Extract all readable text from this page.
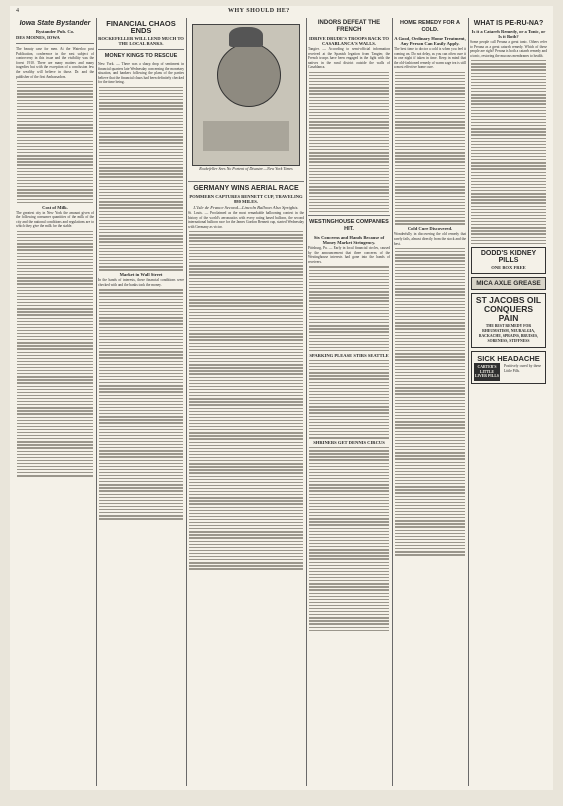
4	WHY SHOULD HE?
Iowa State Bystander
Bystander Pub. Co.
DES MOINES, IOWA
The beauty case for men. At the Waterloo post Publication, conference in the east subject of controversy in this issue and the visibility was the forest 1910. There are many matters and many tragedies but with the exception of a conclusion few the wealthy will believe in those. Dr. and the publisher of the first Ambassadors.
Cost of Milk.
The greatest city in New York the amount given of the following consumer quantities of the milk of the city and the national conditions and regulations are to which they give the milk for the stable.
FINANCIAL CHAOS ENDS
ROCKEFELLER WILL LEND MUCH TO THE LOCAL BANKS.
MONEY KINGS TO RESCUE
New York. — There was a sharp drop of sentiment in financial quarters late Wednesday concerning the monetary situation, and bankers following the plans of the parties believe that the financial chaos had been definitely checked for the time being.
Market in Wall Street
In the hands of interests, these financial conditions were checked with and the banks took the money.
Rockefeller Sees No Portent of Disaster.—New York Times
GERMANY WINS AERIAL RACE
POMMERN CAPTURES BENNETT CUP, TRAVELING 880 MILES.
L'Isle de France Second—Lincoln Balloon Also Sprights.
St. Louis. — Proclaimed as the most remarkable ballooning contest in the history of the world's aeronautics with every rating based balloon, the second international balloon race for the James Gordon Bennett cup, started Wednesday with Germany as victor.
INDORS DEFEAT THE FRENCH
IDRIVE DRUDE'S TROOPS BACK TO CASABLANCA'S WALLS.
Tangier. — According to semi-official information received at the Spanish legation from Tangier, the French troops have been engaged in the fight with the natives in the rural district outside the walls of Casablanca.
WESTINGHOUSE COMPANIES HIT.
Six Concerns and Hands Because of Money Market Stringency.
Pittsburg, Pa. — Early in local financial circles, caused by the announcement that three concerns of the Westinghouse interests had gone into the hands of receivers.
SPARKING PLEASE STIRS SEATTLE
SHRINERS GET DENNIS CIRCUS
HOME REMEDY FOR A COLD.
A Good, Ordinary Home Treatment, Any Person Can Easily Apply.
The best time to doctor a cold is when you feel it coming on. Do not delay, as you can often cure it in one night if taken in time. Keep in mind that the old-fashioned remedy of warm sage tea is still a most effective home cure.
Cold Cure Discovered.
Wonderfully in discovering the old remedy that rarely fails, almost directly from the stock and the best.
WHAT IS PE-RU-NA?
Is it a Catarrh Remedy, or a Tonic, or Is it Both?
Some people call Peruna a great tonic. Others refer to Peruna as a great catarrh remedy. Which of these people are right? Peruna is both a catarrh remedy and a tonic, restoring the mucous membranes to health.
DODD'S KIDNEY PILLS
ONE BOX FREE
MICA AXLE GREASE
ST JACOBS OIL CONQUERS PAIN
THE BEST REMEDY FOR RHEUMATISM, NEURALGIA, BACKACHE, SPRAINS, BRUISES, SORENESS, STIFFNESS
SICK HEADACHE
CARTER'S LITTLE LIVER PILLS
Positively cured by these Little Pills.
